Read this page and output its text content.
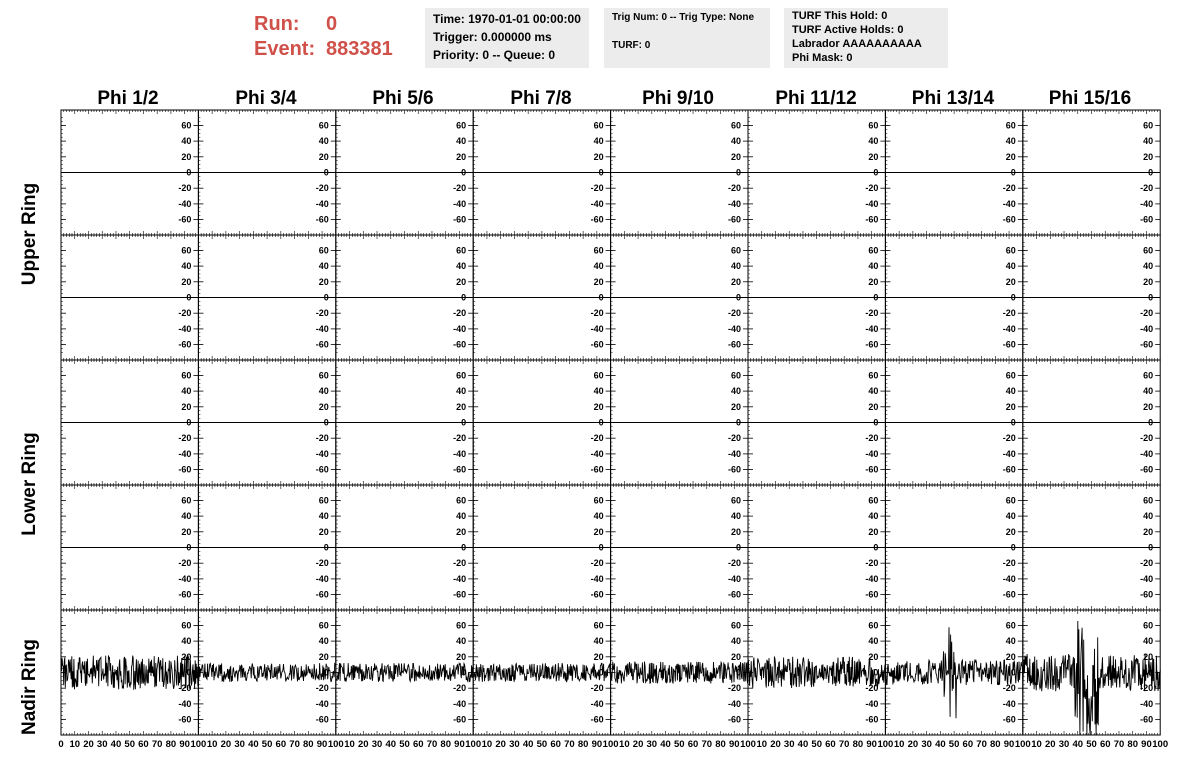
Run: 0
Event: 883381
Time: 1970-01-01 00:00:00
Trigger: 0.000000 ms
Priority: 0 -- Queue: 0
Trig Num: 0 -- Trig Type: None
TURF: 0
TURF This Hold: 0
TURF Active Holds: 0
Labrador AAAAAAAAAA
Phi Mask: 0
Phi 1/2	Phi 3/4	Phi 5/6	Phi 7/8	Phi 9/10	Phi 11/12	Phi 13/14	Phi 15/16
Upper Ring
Lower Ring
Nadir Ring
-60
-40
-20
0
20
40
60
-60
-40
-20
0
20
40
60
-60
-40
-20
0
20
40
60
-60
-40
-20
0
20
40
60
-60
-40
-20
0
20
40
60
-60
-40
-20
0
20
40
60
-60
-40
-20
0
20
40
60
-60
-40
-20
0
20
40
60
-60
-40
-20
0
20
40
60
-60
-40
-20
0
20
40
60
-60
-40
-20
0
20
40
60
-60
-40
-20
0
20
40
60
-60
-40
-20
0
20
40
60
-60
-40
-20
0
20
40
60
-60
-40
-20
0
20
40
60
-60
-40
-20
0
20
40
60
-60
-40
-20
0
20
40
60
-60
-40
-20
0
20
40
60
-60
-40
-20
0
20
40
60
-60
-40
-20
0
20
40
60
-60
-40
-20
0
20
40
60
-60
-40
-20
0
20
40
60
-60
-40
-20
0
20
40
60
-60
-40
-20
0
20
40
60
-60
-40
-20
0
20
40
60
-60
-40
-20
0
20
40
60
-60
-40
-20
0
20
40
60
-60
-40
-20
0
20
40
60
-60
-40
-20
0
20
40
60
-60
-40
-20
0
20
40
60
-60
-40
-20
0
20
40
60
-60
-40
-20
0
20
40
60
-60
-40
-20
0
20
40
60
-60
-40
-20
0
20
40
60
-60
-40
-20
0
20
40
60
-60
-40
-20
0
20
40
60
-60
-40
-20
0
20
40
60
-60
-40
-20
0
20
40
60
-60
-40
-20
0
20
40
60
-60
-40
-20
0
20
40
60
0 10 20 30 40 50 60 70 80 90 100 10 20 30 40 50 60 70 80 90 100 10 20 30 40 50 60 70 80 90 100 10 20 30 40 50 60 70 80 90 100 10 20 30 40 50 60 70 80 90 100 10 20 30 40 50 60 70 80 90 100 10 20 30 40 50 60 70 80 90 100 10 20 30 40 50 60 70 80 90 100
